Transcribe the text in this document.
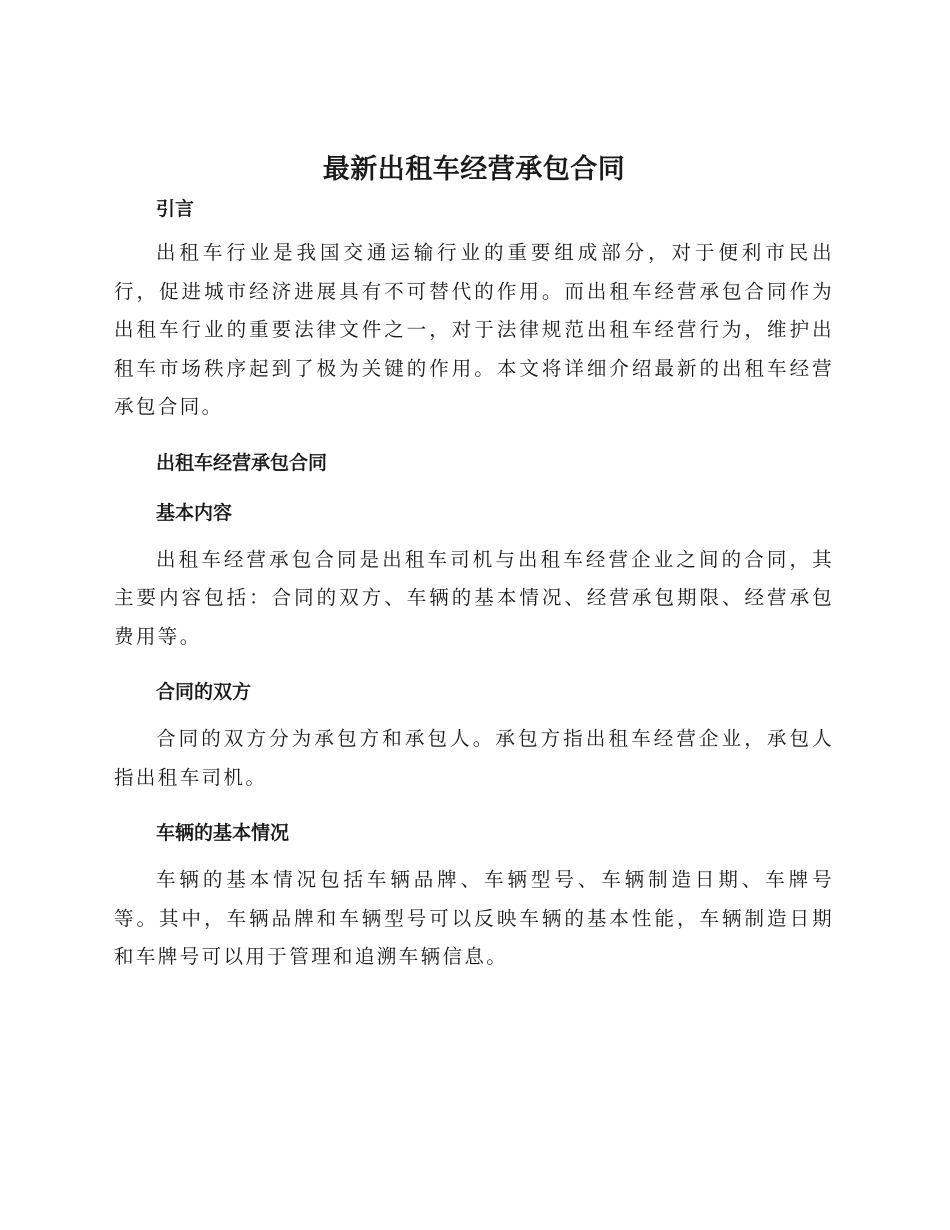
最新出租车经营承包合同
引言

出租车行业是我国交通运输行业的重要组成部分，对于便利市民出行，促进城市经济进展具有不可替代的作用。而出租车经营承包合同作为出租车行业的重要法律文件之一，对于法律规范出租车经营行为，维护出租车市场秩序起到了极为关键的作用。本文将详细介绍最新的出租车经营承包合同。

出租车经营承包合同
基本内容

出租车经营承包合同是出租车司机与出租车经营企业之间的合同，其主要内容包括：合同的双方、车辆的基本情况、经营承包期限、经营承包费用等。

合同的双方

合同的双方分为承包方和承包人。承包方指出租车经营企业，承包人指出租车司机。

车辆的基本情况

车辆的基本情况包括车辆品牌、车辆型号、车辆制造日期、车牌号等。其中，车辆品牌和车辆型号可以反映车辆的基本性能，车辆制造日期和车牌号可以用于管理和追溯车辆信息。
